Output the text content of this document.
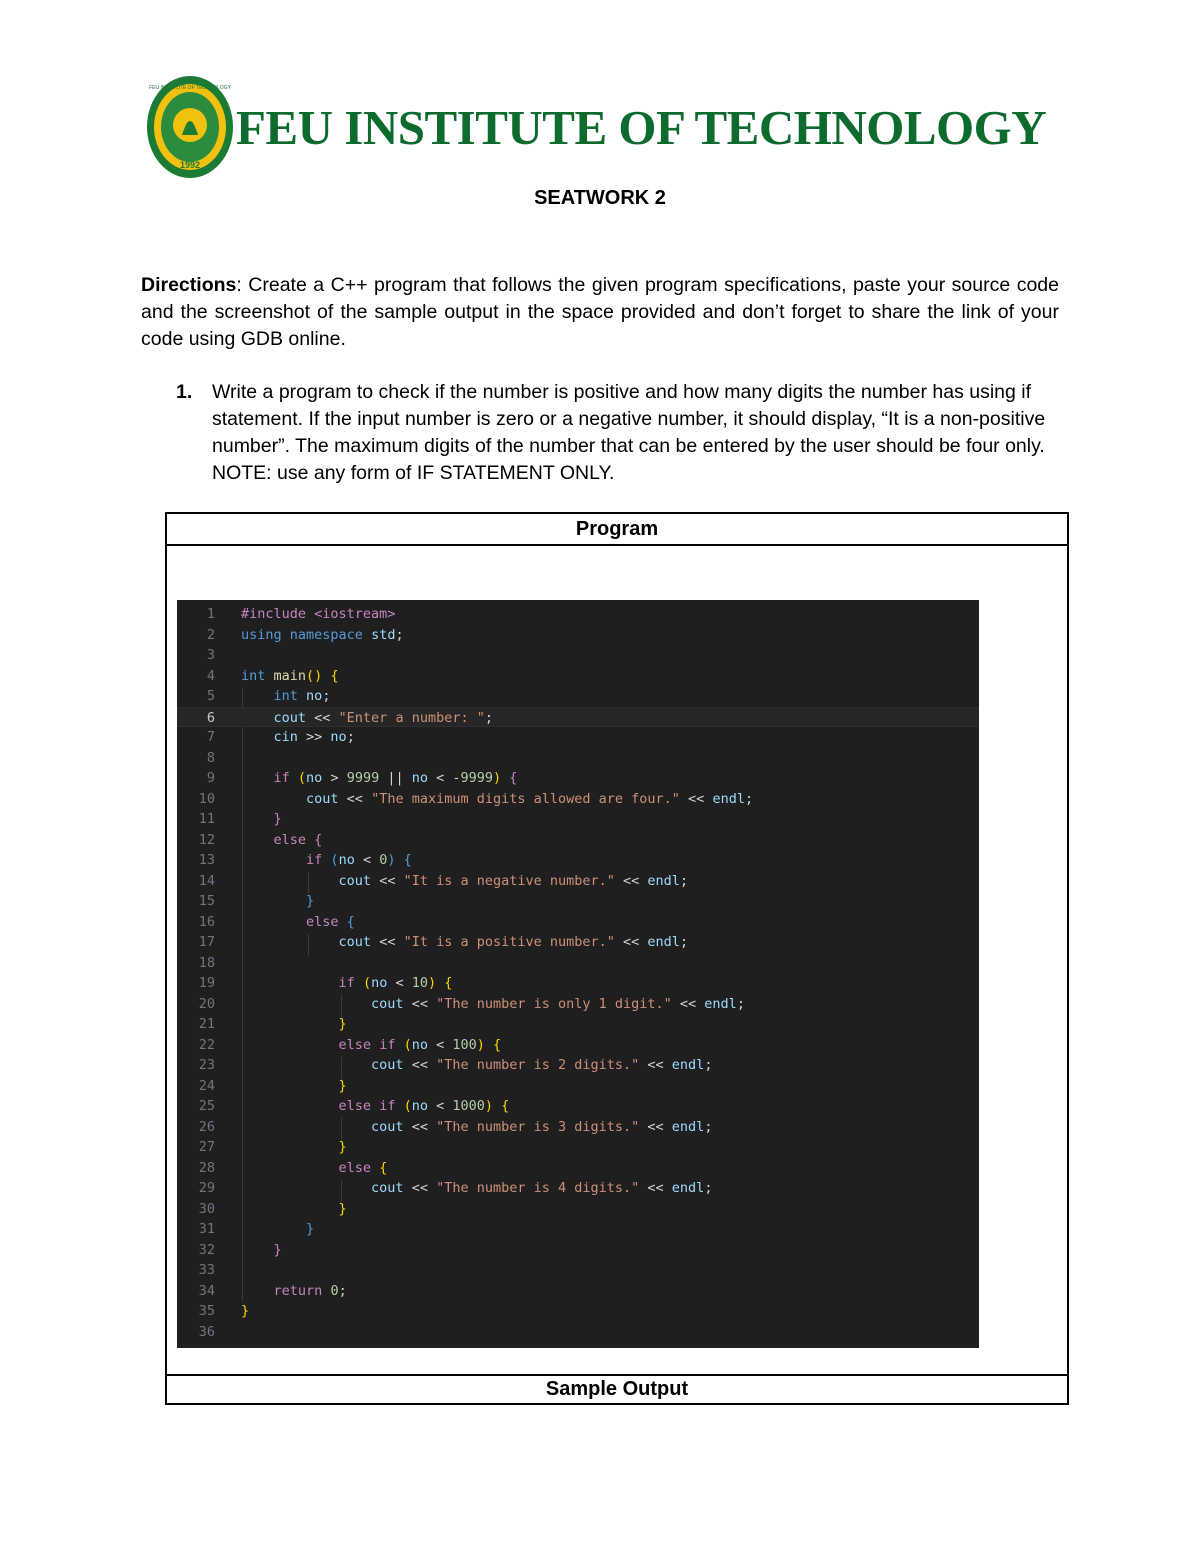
1992
FEU INSTITUTE OF TECHNOLOGY
FEU INSTITUTE OF TECHNOLOGY
SEATWORK 2
Directions: Create a C++ program that follows the given program specifications, paste your source code and the screenshot of the sample output in the space provided and don’t forget to share the link of your code using GDB online.
1. Write a program to check if the number is positive and how many digits the number has using if statement. If the input number is zero or a negative number, it should display, “It is a non-positive number”. The maximum digits of the number that can be entered by the user should be four only. NOTE: use any form of IF STATEMENT ONLY.
Program
1 #include <iostream>
2 using namespace std;
3
4 int main() {
5	int no;
6	cout << "Enter a number: ";
7	cin >> no;
8
9	if (no > 9999 || no < -9999) {
10	cout << "The maximum digits allowed are four." << endl;
11	}
12	else {
13	if (no < 0) {
14	cout << "It is a negative number." << endl;
15	}
16	else {
17	cout << "It is a positive number." << endl;
18
19	if (no < 10) {
20	cout << "The number is only 1 digit." << endl;
21	}
22	else if (no < 100) {
23	cout << "The number is 2 digits." << endl;
24	}
25	else if (no < 1000) {
26	cout << "The number is 3 digits." << endl;
27	}
28	else {
29	cout << "The number is 4 digits." << endl;
30	}
31	}
32	}
33
34	return 0;
35 }
36
Sample Output
